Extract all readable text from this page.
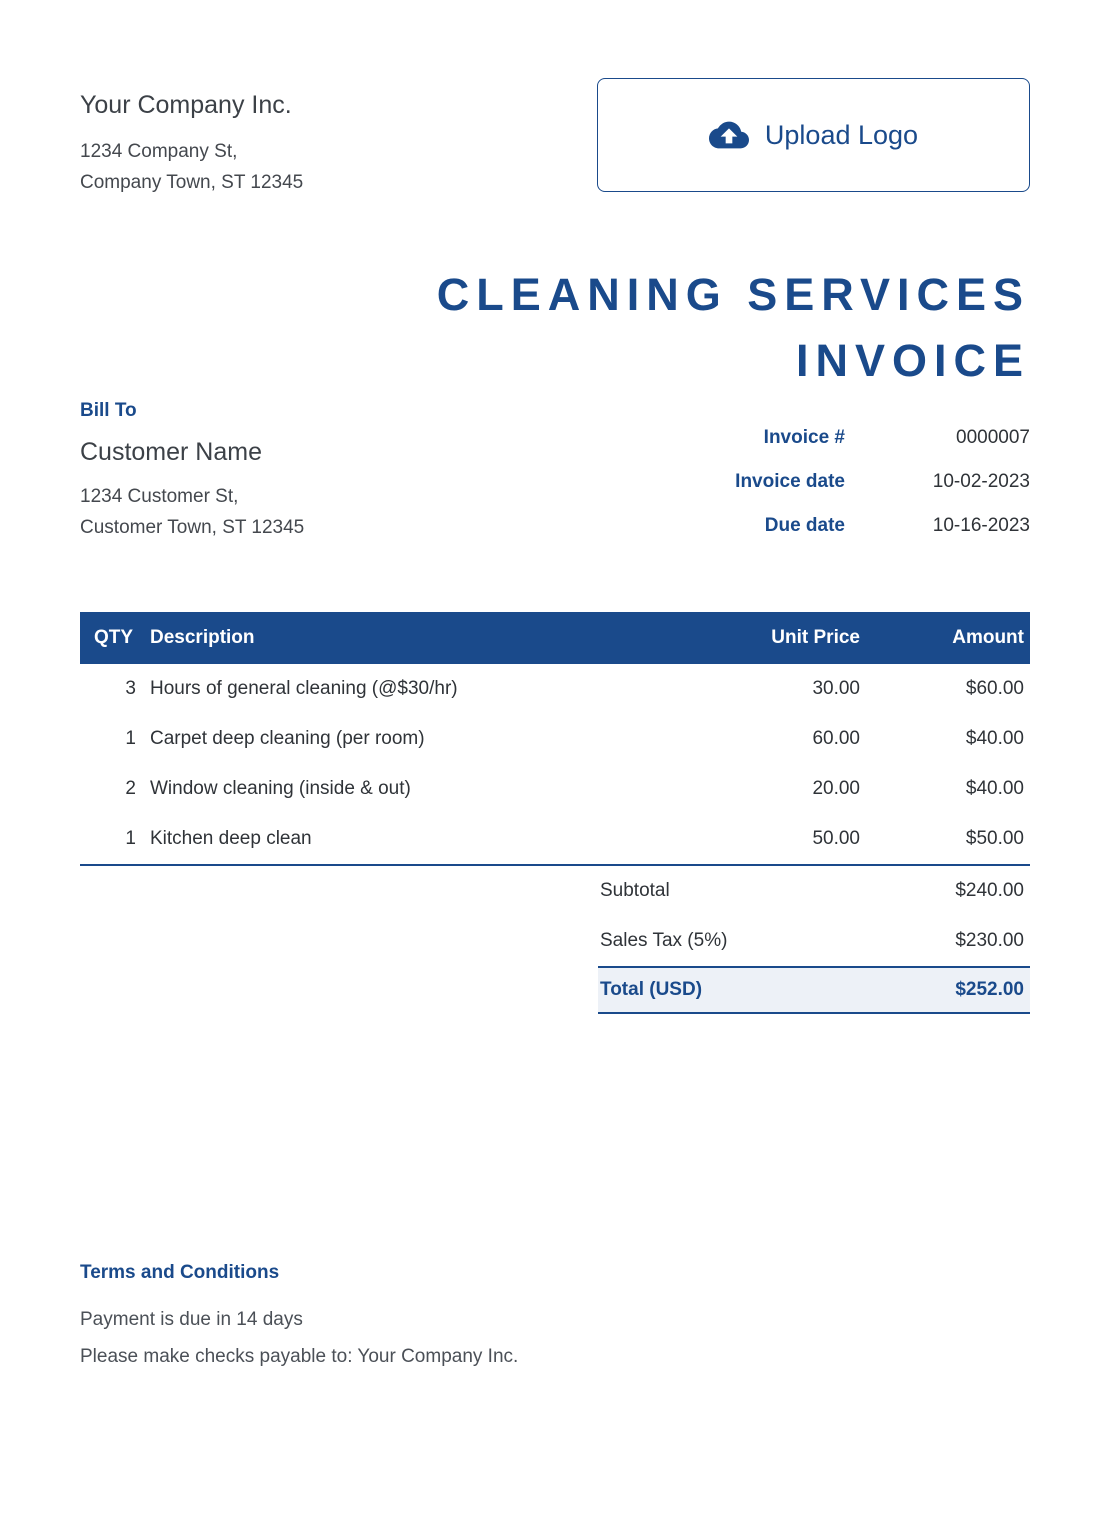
Your Company Inc.
1234 Company St,
Company Town, ST 12345
Upload Logo
CLEANING SERVICES
INVOICE
Bill To
Customer Name
1234 Customer St,
Customer Town, ST 12345
Invoice #	0000007
Invoice date	10-02-2023
Due date	10-16-2023
QTY Description	Unit Price	Amount
3 Hours of general cleaning (@$30/hr)	30.00	$60.00
1 Carpet deep cleaning (per room)	60.00	$40.00
2 Window cleaning (inside & out)	20.00	$40.00
1 Kitchen deep clean	50.00	$50.00
Subtotal	$240.00
Sales Tax (5%)	$230.00
Total (USD)	$252.00
Terms and Conditions
Payment is due in 14 days
Please make checks payable to: Your Company Inc.
